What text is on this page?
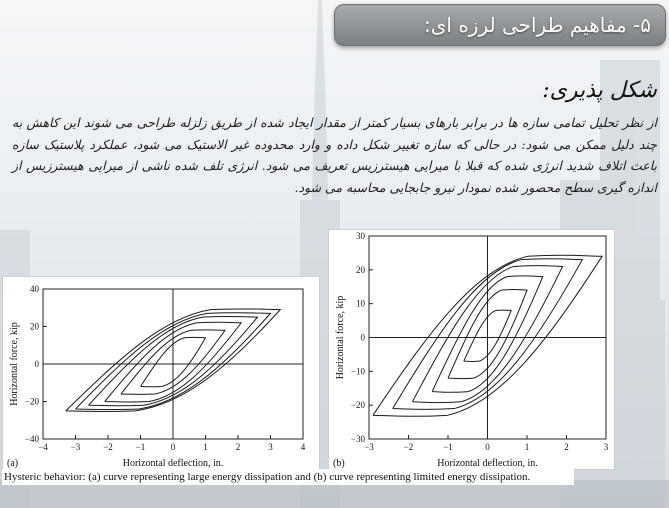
۵- مفاهیم طراحی لرزه ای:
شکل پذیری:
از نظر تحلیل تمامی سازه ها در برابر بارهای بسیار کمتر از مقدار ایجاد شده از طریق زلزله طراحی می شوند این کاهش به چند دلیل ممکن می شود: در حالی که سازه تغییر شکل داده و وارد محدوده غیر الاستیک می شود، عملکرد پلاستیک سازه باعث اتلاف شدید انرژی شده که قبلا با میرایی هیسترزیس تعریف می شود. انرژی تلف شده ناشی از میرایی هیسترزیس از اندازه گیری سطح محصور شده نمودار نیرو جابجایی محاسبه می شود.
−4	−3	−2	−1	0	1	2	3	4
−40
−20
0
20
40
Horizontal deflection, in.
Horizontal force, kip
(a)
−3	−2	−1	0	1	2	3
−30
−20
−10
0
10
20
30
Horizontal deflection, in.
Horizontal force, kip
(b)
Hysteric behavior: (a) curve representing large energy dissipation and (b) curve representing limited energy dissipation.
